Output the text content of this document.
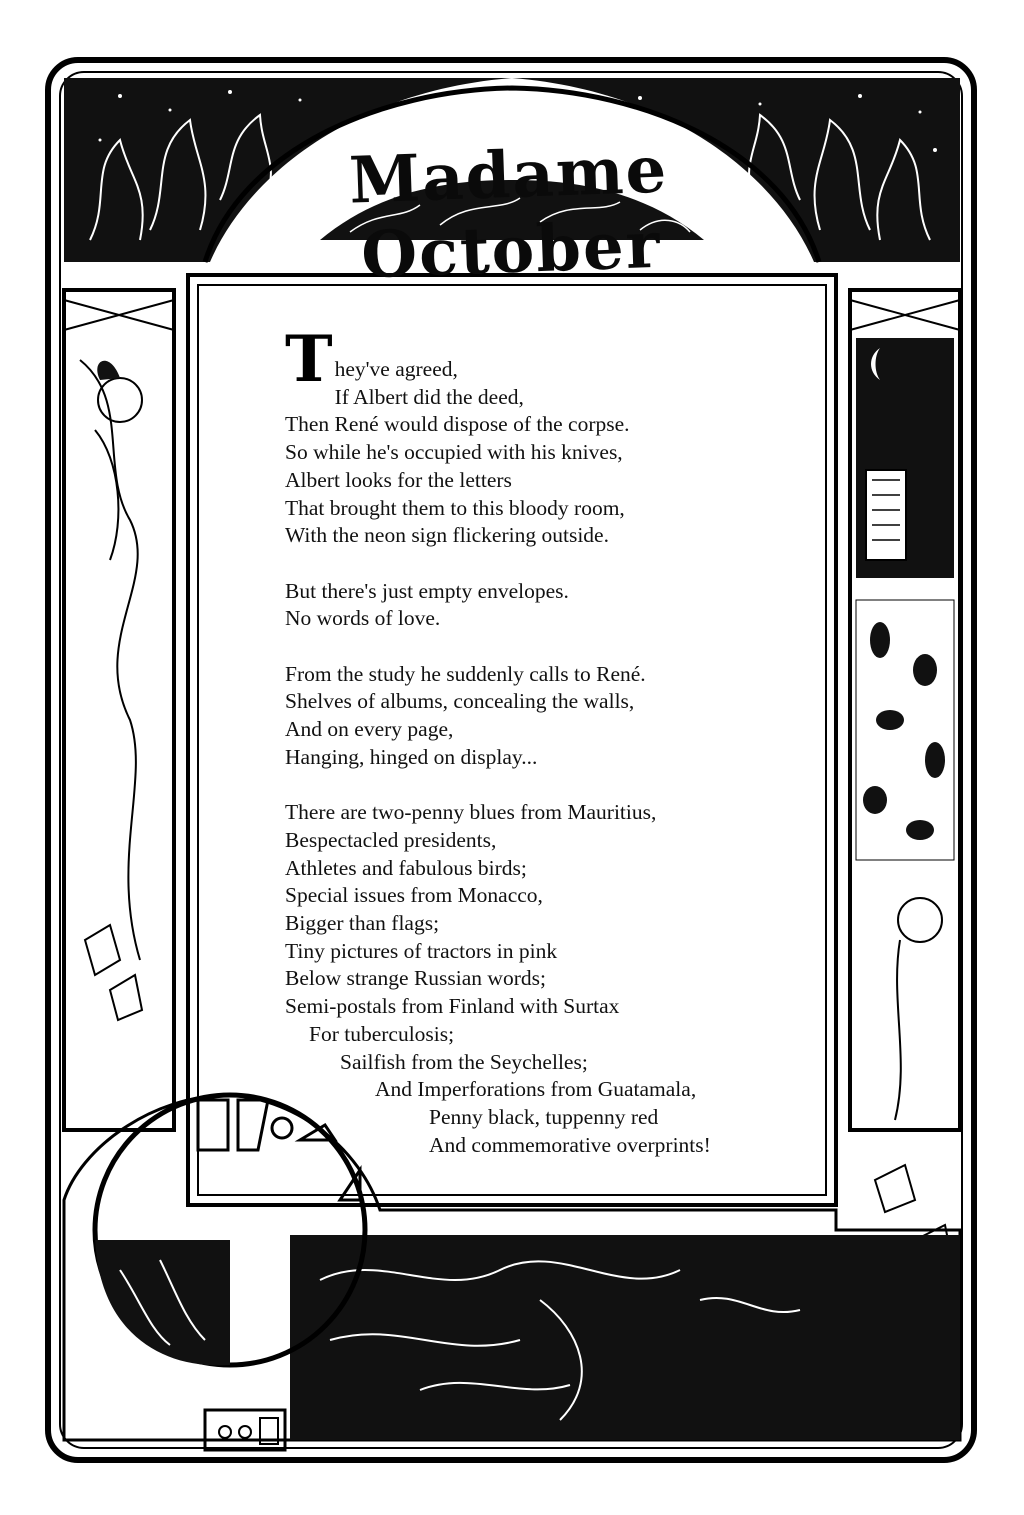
Madame October
T hey've agreed,
If Albert did the deed,
Then René would dispose of the corpse.
So while he's occupied with his knives,
Albert looks for the letters
That brought them to this bloody room,
With the neon sign flickering outside.
But there's just empty envelopes.
No words of love.
From the study he suddenly calls to René.
Shelves of albums, concealing the walls,
And on every page,
Hanging, hinged on display...
There are two-penny blues from Mauritius,
Bespectacled presidents,
Athletes and fabulous birds;
Special issues from Monacco,
Bigger than flags;
Tiny pictures of tractors in pink
Below strange Russian words;
Semi-postals from Finland with Surtax
For tuberculosis;
Sailfish from the Seychelles;
And Imperforations from Guatamala,
Penny black, tuppenny red
And commemorative overprints!
